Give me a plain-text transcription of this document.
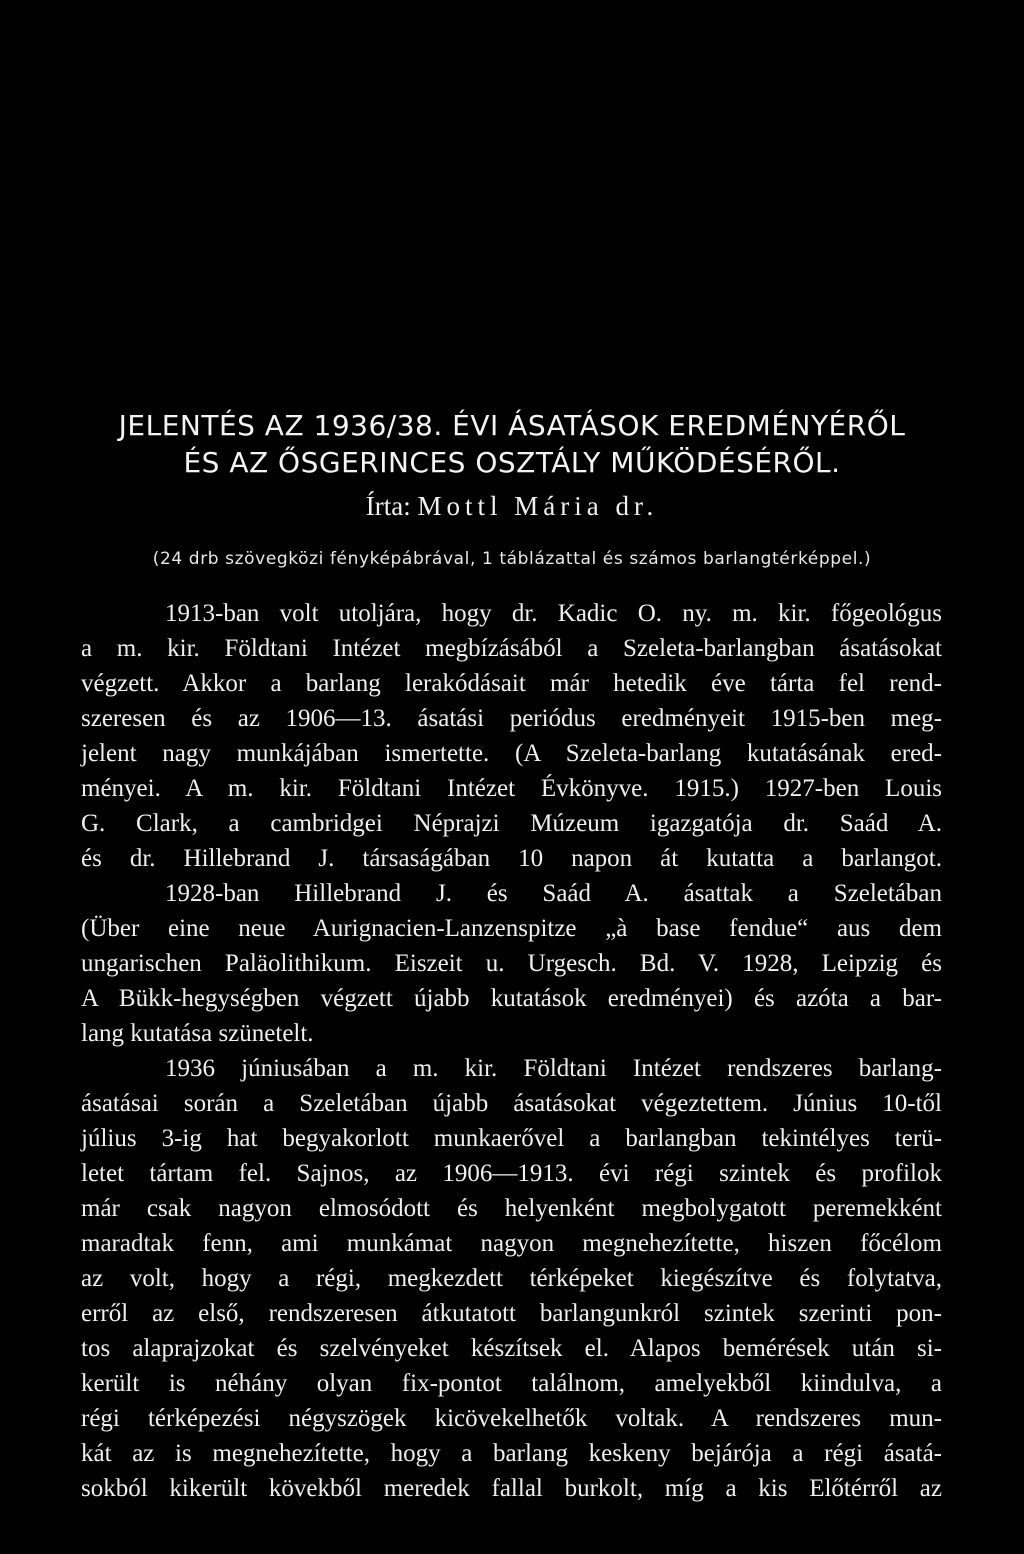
JELENTÉS AZ 1936/38. ÉVI ÁSATÁSOK EREDMÉNYÉRŐL
ÉS AZ ŐSGERINCES OSZTÁLY MŰKÖDÉSÉRŐL.
Írta: Mottl Mária dr.
(24 drb szövegközi fényképábrával, 1 táblázattal és számos barlangtérképpel.)
1913-ban volt utoljára, hogy dr. Kadic O. ny. m. kir. főgeológus
a m. kir. Földtani Intézet megbízásából a Szeleta-barlangban ásatásokat
végzett. Akkor a barlang lerakódásait már hetedik éve tárta fel rend-
szeresen és az 1906—13. ásatási periódus eredményeit 1915-ben meg-
jelent nagy munkájában ismertette. (A Szeleta-barlang kutatásának ered-
ményei. A m. kir. Földtani Intézet Évkönyve. 1915.) 1927-ben Louis
G. Clark, a cambridgei Néprajzi Múzeum igazgatója dr. Saád A.
és dr. Hillebrand J. társaságában 10 napon át kutatta a barlangot.
1928-ban Hillebrand J. és Saád A. ásattak a Szeletában
(Über eine neue Aurignacien-Lanzenspitze „à base fendue“ aus dem
ungarischen Paläolithikum. Eiszeit u. Urgesch. Bd. V. 1928, Leipzig és
A Bükk-hegységben végzett újabb kutatások eredményei) és azóta a bar-
lang kutatása szünetelt.
1936 júniusában a m. kir. Földtani Intézet rendszeres barlang-
ásatásai során a Szeletában újabb ásatásokat végeztettem. Június 10-től
július 3-ig hat begyakorlott munkaerővel a barlangban tekintélyes terü-
letet tártam fel. Sajnos, az 1906—1913. évi régi szintek és profilok
már csak nagyon elmosódott és helyenként megbolygatott peremekként
maradtak fenn, ami munkámat nagyon megnehezítette, hiszen főcélom
az volt, hogy a régi, megkezdett térképeket kiegészítve és folytatva,
erről az első, rendszeresen átkutatott barlangunkról szintek szerinti pon-
tos alaprajzokat és szelvényeket készítsek el. Alapos bemérések után si-
került is néhány olyan fix-pontot találnom, amelyekből kiindulva, a
régi térképezési négyszögek kicövekelhetők voltak. A rendszeres mun-
kát az is megnehezítette, hogy a barlang keskeny bejárója a régi ásatá-
sokból kikerült kövekből meredek fallal burkolt, míg a kis Előtérről az
